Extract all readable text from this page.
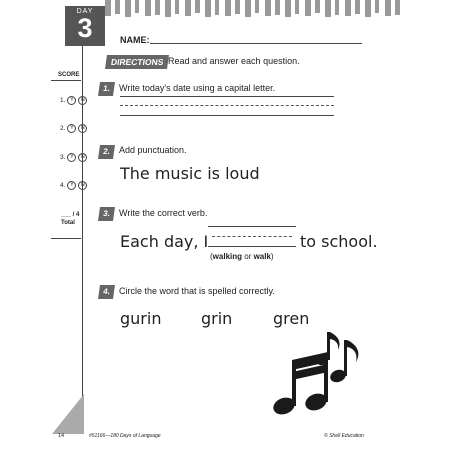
DAY
3
SCORE
1. Y	N
2. Y	N
3. Y	N
4. Y	N
___ / 4
Total
NAME:
DIRECTIONS Read and answer each question.
1. Write today's date using a capital letter.
2. Add punctuation.
The music is loud
3. Write the correct verb.
Each day, I	to school.
(walking or walk)
4. Circle the word that is spelled correctly.
gurin grin	gren
14	#51166—180 Days of Language	© Shell Education
